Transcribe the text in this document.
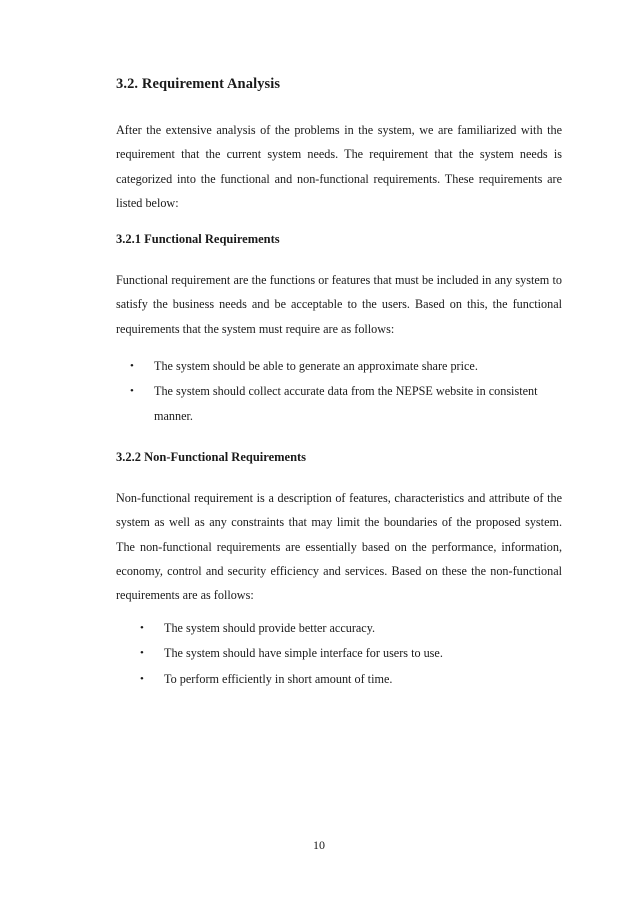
3.2. Requirement Analysis

After the extensive analysis of the problems in the system, we are familiarized with the requirement that the current system needs. The requirement that the system needs is categorized into the functional and non-functional requirements. These requirements are listed below:

3.2.1 Functional Requirements

Functional requirement are the functions or features that must be included in any system to satisfy the business needs and be acceptable to the users. Based on this, the functional requirements that the system must require are as follows:

•	The system should be able to generate an approximate share price.
•	The system should collect accurate data from the NEPSE website in consistent manner.
3.2.2 Non-Functional Requirements

Non-functional requirement is a description of features, characteristics and attribute of the system as well as any constraints that may limit the boundaries of the proposed system. The non-functional requirements are essentially based on the performance, information, economy, control and security efficiency and services. Based on these the non-functional requirements are as follows:

•	The system should provide better accuracy.
•	The system should have simple interface for users to use.
•	To perform efficiently in short amount of time.

10
